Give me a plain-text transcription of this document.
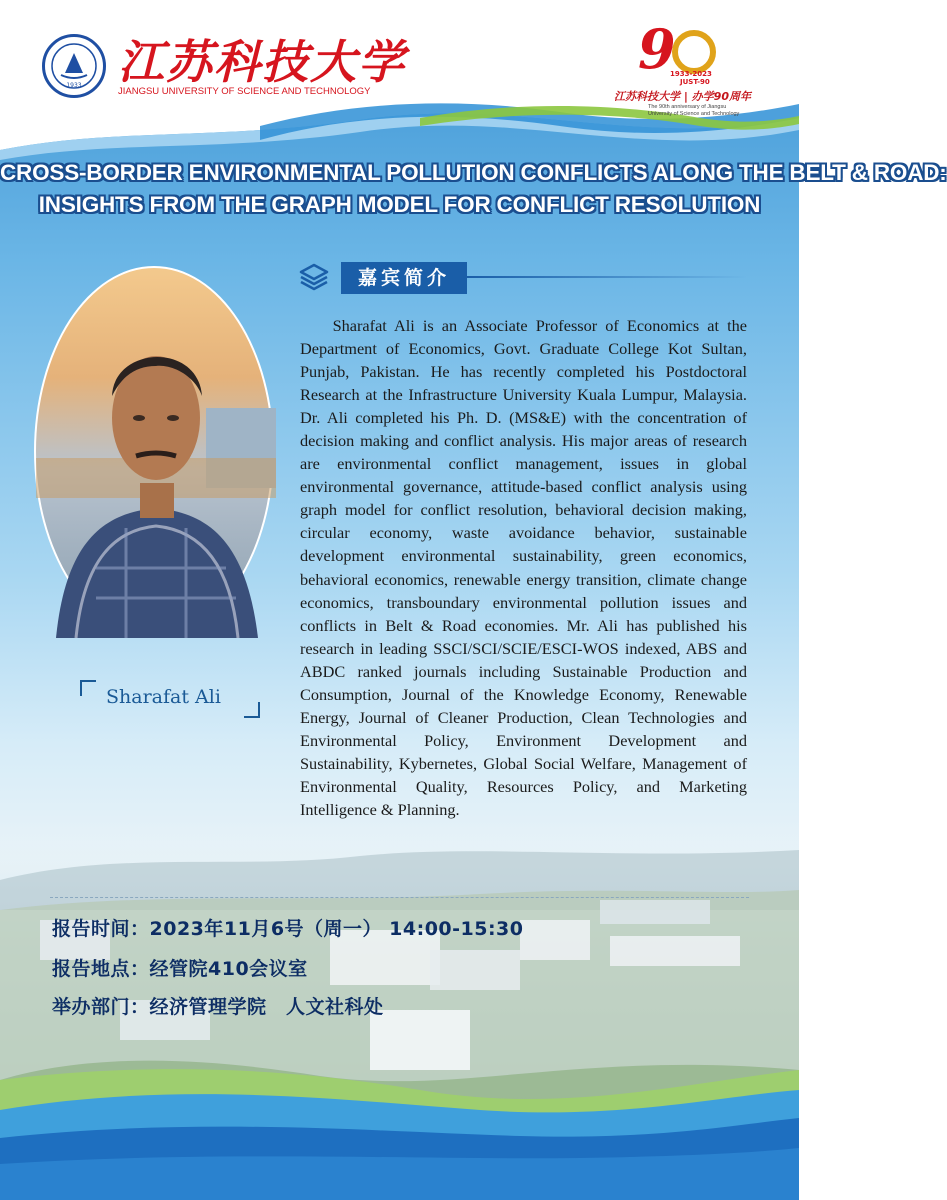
1933 江苏科技大学
JIANGSU UNIVERSITY OF SCIENCE AND TECHNOLOGY
9
1933-2023
JUST-90
江苏科技大学 | 办学90周年
The 90th anniversary of Jiangsu University of Science and Technology
CROSS-BORDER ENVIRONMENTAL POLLUTION CONFLICTS ALONG THE BELT & ROAD:
INSIGHTS FROM THE GRAPH MODEL FOR CONFLICT RESOLUTION
Sharafat Ali
嘉宾简介
Sharafat Ali is an Associate Professor of Economics at the Department of Economics, Govt. Graduate College Kot Sultan, Punjab, Pakistan. He has recently completed his Postdoctoral Research at the Infrastructure University Kuala Lumpur, Malaysia. Dr. Ali completed his Ph. D. (MS&E) with the concentration of decision making and conflict analysis. His major areas of research are environmental conflict management, issues in global environmental governance, attitude-based conflict analysis using graph model for conflict resolution, behavioral decision making, circular economy, waste avoidance behavior, sustainable development environmental sustainability, green economics, behavioral economics, renewable energy transition, climate change economics, transboundary environmental pollution issues and conflicts in Belt & Road economies. Mr. Ali has published his research in leading SSCI/SCI/SCIE/ESCI-WOS indexed, ABS and ABDC ranked journals including Sustainable Production and Consumption, Journal of the Knowledge Economy, Renewable Energy, Journal of Cleaner Production, Clean Technologies and Environmental Policy, Environment Development and Sustainability, Kybernetes, Global Social Welfare, Management of Environmental Quality, Resources Policy, and Marketing Intelligence & Planning.
报告时间：2023年11月6号（周一） 14:00-15:30
报告地点：经管院410会议室
举办部门：经济管理学院　人文社科处
